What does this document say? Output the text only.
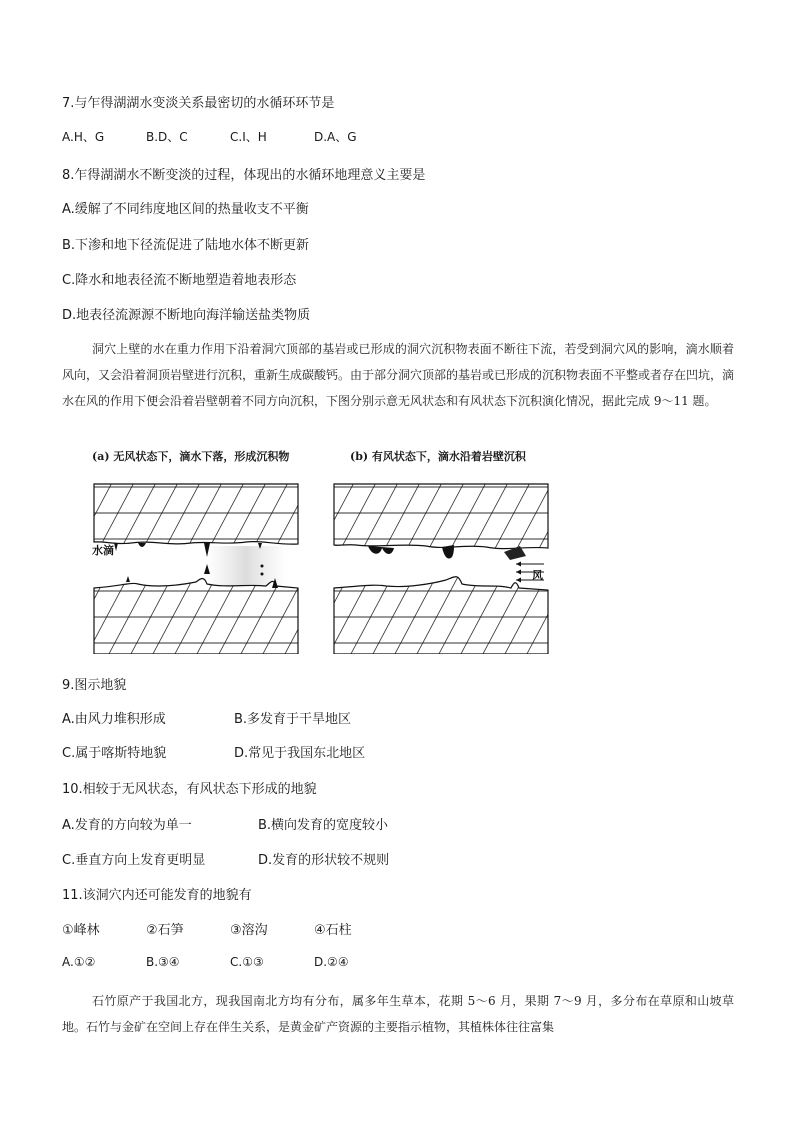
7.与乍得湖湖水变淡关系最密切的水循环环节是
A.H、G	B.D、C	C.I、H	D.A、G
8.乍得湖湖水不断变淡的过程，体现出的水循环地理意义主要是
A.缓解了不同纬度地区间的热量收支不平衡
B.下渗和地下径流促进了陆地水体不断更新
C.降水和地表径流不断地塑造着地表形态
D.地表径流源源不断地向海洋输送盐类物质
洞穴上壁的水在重力作用下沿着洞穴顶部的基岩或已形成的洞穴沉积物表面不断往下流，若受到洞穴风的影响，滴水顺着风向，又会沿着洞顶岩壁进行沉积，重新生成碳酸钙。由于部分洞穴顶部的基岩或已形成的沉积物表面不平整或者存在凹坑，滴水在风的作用下便会沿着岩壁朝着不同方向沉积，下图分别示意无风状态和有风状态下沉积演化情况，据此完成 9～11 题。
(a) 无风状态下，滴水下落，形成沉积物	(b) 有风状态下，滴水沿着岩壁沉积
水滴
风
9.图示地貌
A.由风力堆积形成	B.多发育于干旱地区
C.属于喀斯特地貌	D.常见于我国东北地区
10.相较于无风状态，有风状态下形成的地貌
A.发育的方向较为单一	B.横向发育的宽度较小
C.垂直方向上发育更明显	D.发育的形状较不规则
11.该洞穴内还可能发育的地貌有
①峰林	②石笋	③溶沟	④石柱
A.①②	B.③④	C.①③	D.②④
石竹原产于我国北方，现我国南北方均有分布，属多年生草本，花期 5～6 月，果期 7～9 月，多分布在草原和山坡草地。石竹与金矿在空间上存在伴生关系，是黄金矿产资源的主要指示植物，其植株体往往富集
